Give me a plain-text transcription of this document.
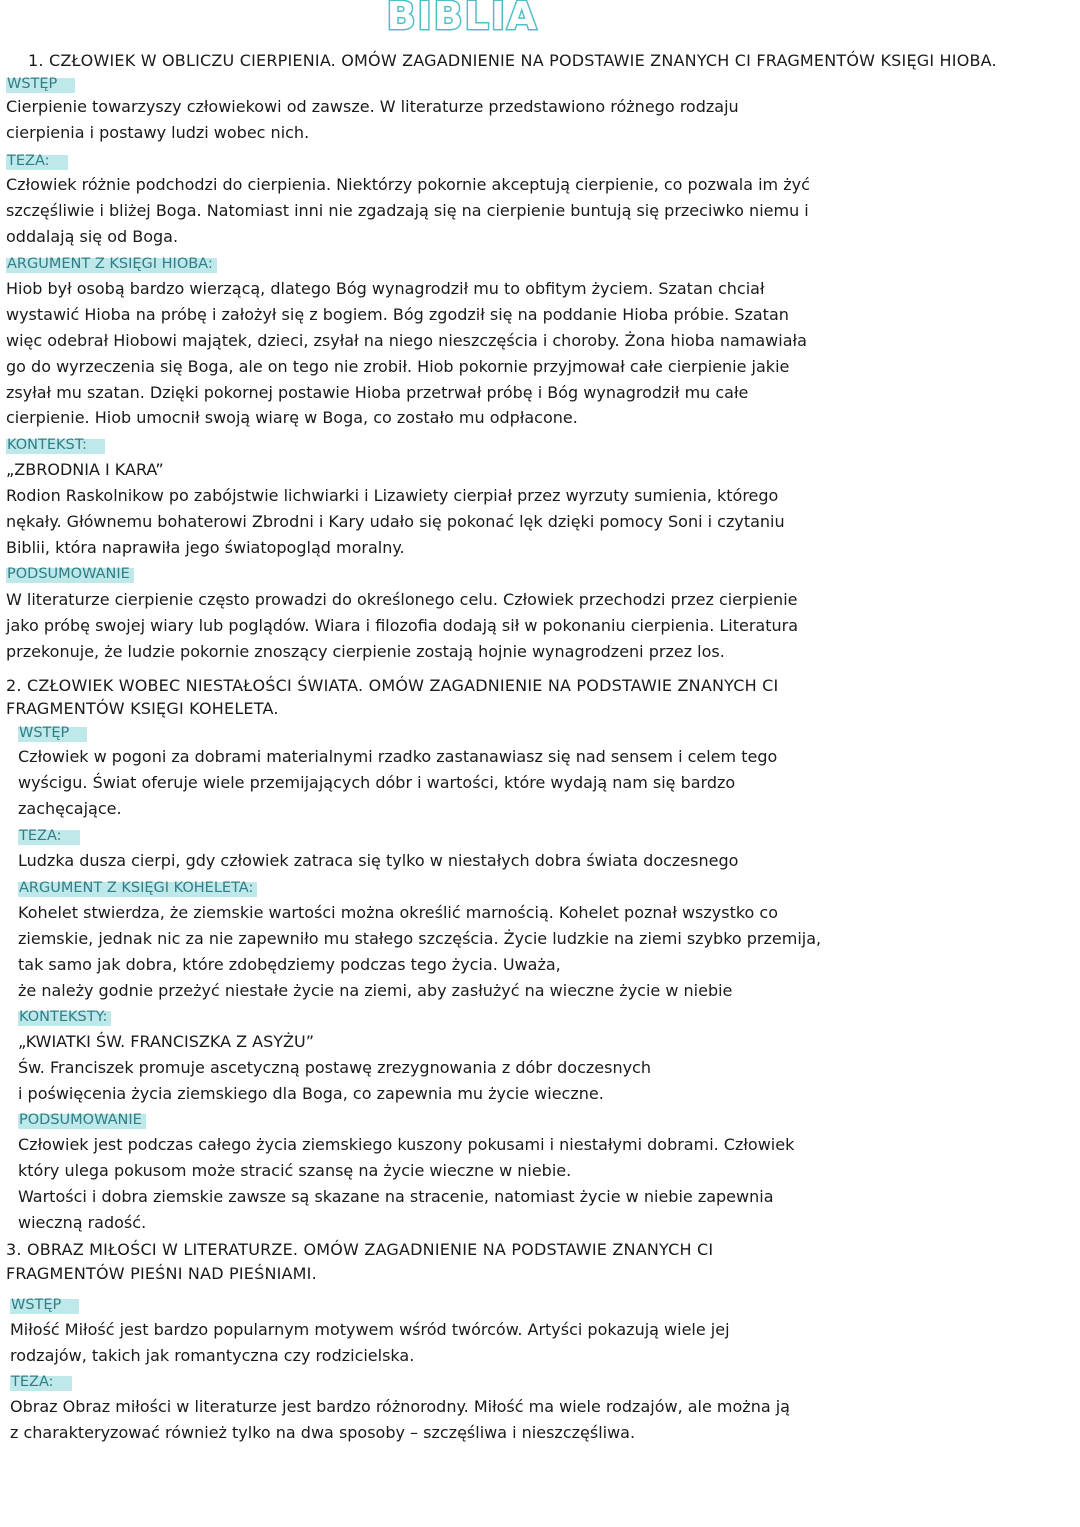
BIBLIA
1. CZŁOWIEK W OBLICZU CIERPIENIA. OMÓW ZAGADNIENIE NA PODSTAWIE ZNANYCH CI FRAGMENTÓW KSIĘGI HIOBA.
WSTĘP
Cierpienie towarzyszy człowiekowi od zawsze. W literaturze przedstawiono różnego rodzaju
cierpienia i postawy ludzi wobec nich.
TEZA:
Człowiek różnie podchodzi do cierpienia. Niektórzy pokornie akceptują cierpienie, co pozwala im żyć
szczęśliwie i bliżej Boga. Natomiast inni nie zgadzają się na cierpienie buntują się przeciwko niemu i
oddalają się od Boga.
ARGUMENT Z KSIĘGI HIOBA:
Hiob był osobą bardzo wierzącą, dlatego Bóg wynagrodził mu to obfitym życiem. Szatan chciał
wystawić Hioba na próbę i założył się z bogiem. Bóg zgodził się na poddanie Hioba próbie. Szatan
więc odebrał Hiobowi majątek, dzieci, zsyłał na niego nieszczęścia i choroby. Żona hioba namawiała
go do wyrzeczenia się Boga, ale on tego nie zrobił. Hiob pokornie przyjmował całe cierpienie jakie
zsyłał mu szatan. Dzięki pokornej postawie Hioba przetrwał próbę i Bóg wynagrodził mu całe
cierpienie. Hiob umocnił swoją wiarę w Boga, co zostało mu odpłacone.
KONTEKST:
„ZBRODNIA I KARA”
Rodion Raskolnikow po zabójstwie lichwiarki i Lizawiety cierpiał przez wyrzuty sumienia, którego
nękały. Głównemu bohaterowi Zbrodni i Kary udało się pokonać lęk dzięki pomocy Soni i czytaniu
Biblii, która naprawiła jego światopogląd moralny.
PODSUMOWANIE
W literaturze cierpienie często prowadzi do określonego celu. Człowiek przechodzi przez cierpienie
jako próbę swojej wiary lub poglądów. Wiara i filozofia dodają sił w pokonaniu cierpienia. Literatura
przekonuje, że ludzie pokornie znoszący cierpienie zostają hojnie wynagrodzeni przez los.
2. CZŁOWIEK WOBEC NIESTAŁOŚCI ŚWIATA. OMÓW ZAGADNIENIE NA PODSTAWIE ZNANYCH CI
FRAGMENTÓW KSIĘGI KOHELETA.
WSTĘP
Człowiek w pogoni za dobrami materialnymi rzadko zastanawiasz się nad sensem i celem tego
wyścigu. Świat oferuje wiele przemijających dóbr i wartości, które wydają nam się bardzo
zachęcające.
TEZA:
Ludzka dusza cierpi, gdy człowiek zatraca się tylko w niestałych dobra świata doczesnego
ARGUMENT Z KSIĘGI KOHELETA:
Kohelet stwierdza, że ziemskie wartości można określić marnością. Kohelet poznał wszystko co
ziemskie, jednak nic za nie zapewniło mu stałego szczęścia. Życie ludzkie na ziemi szybko przemija,
tak samo jak dobra, które zdobędziemy podczas tego życia. Uważa,
że należy godnie przeżyć niestałe życie na ziemi, aby zasłużyć na wieczne życie w niebie
KONTEKSTY:
„KWIATKI ŚW. FRANCISZKA Z ASYŻU”
Św. Franciszek promuje ascetyczną postawę zrezygnowania z dóbr doczesnych
i poświęcenia życia ziemskiego dla Boga, co zapewnia mu życie wieczne.
PODSUMOWANIE
Człowiek jest podczas całego życia ziemskiego kuszony pokusami i niestałymi dobrami. Człowiek
który ulega pokusom może stracić szansę na życie wieczne w niebie.
Wartości i dobra ziemskie zawsze są skazane na stracenie, natomiast życie w niebie zapewnia
wieczną radość.
3. OBRAZ MIŁOŚCI W LITERATURZE. OMÓW ZAGADNIENIE NA PODSTAWIE ZNANYCH CI
FRAGMENTÓW PIEŚNI NAD PIEŚNIAMI.
WSTĘP
Miłość Miłość jest bardzo popularnym motywem wśród twórców. Artyści pokazują wiele jej
rodzajów, takich jak romantyczna czy rodzicielska.
TEZA:
Obraz Obraz miłości w literaturze jest bardzo różnorodny. Miłość ma wiele rodzajów, ale można ją
z charakteryzować również tylko na dwa sposoby – szczęśliwa i nieszczęśliwa.
